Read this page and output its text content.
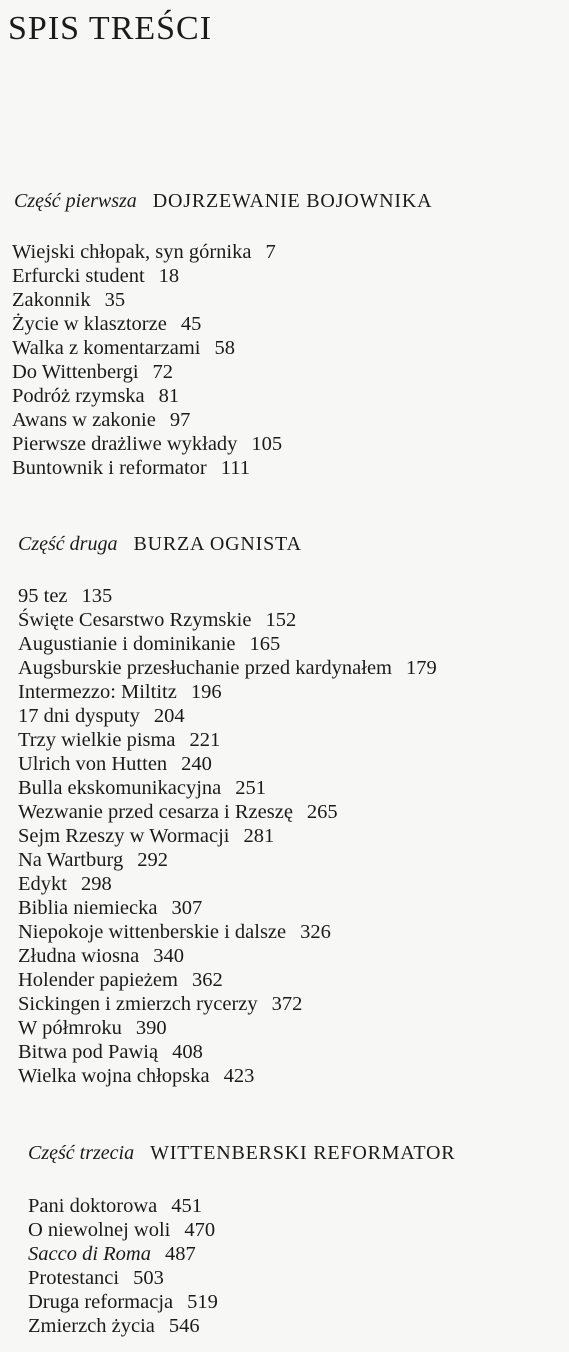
SPIS TREŚCI
Część pierwsza DOJRZEWANIE BOJOWNIKA
Wiejski chłopak, syn górnika 7
Erfurcki student 18
Zakonnik 35
Życie w klasztorze 45
Walka z komentarzami 58
Do Wittenbergi 72
Podróż rzymska 81
Awans w zakonie 97
Pierwsze drażliwe wykłady 105
Buntownik i reformator 111
Część druga BURZA OGNISTA
95 tez 135
Święte Cesarstwo Rzymskie 152
Augustianie i dominikanie 165
Augsburskie przesłuchanie przed kardynałem 179
Intermezzo: Miltitz 196
17 dni dysputy 204
Trzy wielkie pisma 221
Ulrich von Hutten 240
Bulla ekskomunikacyjna 251
Wezwanie przed cesarza i Rzeszę 265
Sejm Rzeszy w Wormacji 281
Na Wartburg 292
Edykt 298
Biblia niemiecka 307
Niepokoje wittenberskie i dalsze 326
Złudna wiosna 340
Holender papieżem 362
Sickingen i zmierzch rycerzy 372
W półmroku 390
Bitwa pod Pawią 408
Wielka wojna chłopska 423
Część trzecia WITTENBERSKI REFORMATOR
Pani doktorowa 451
O niewolnej woli 470
Sacco di Roma 487
Protestanci 503
Druga reformacja 519
Zmierzch życia 546
